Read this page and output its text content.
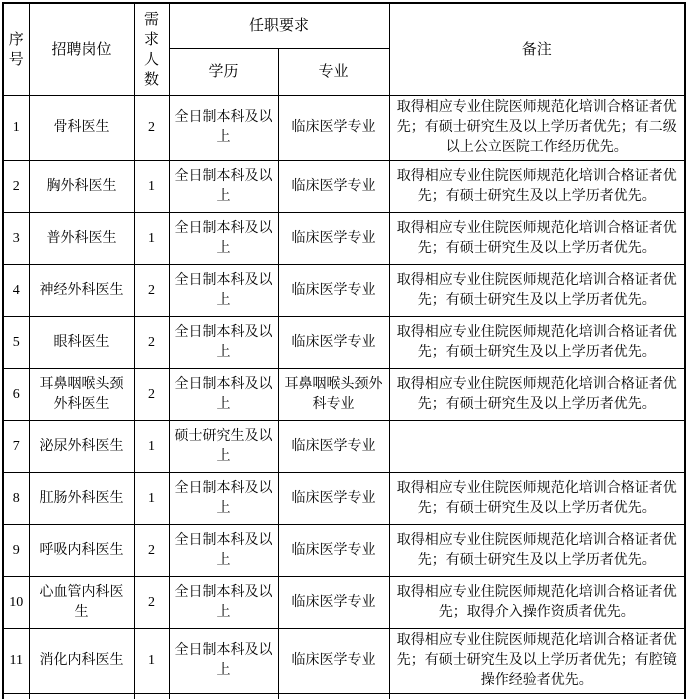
序号	招聘岗位	需求人数	任职要求		备注
			学历	专业	
1	骨科医生	2	全日制本科及以上	临床医学专业	取得相应专业住院医师规范化培训合格证者优先；有硕士研究生及以上学历者优先；有二级以上公立医院工作经历优先。
2	胸外科医生	1	全日制本科及以上	临床医学专业	取得相应专业住院医师规范化培训合格证者优先；有硕士研究生及以上学历者优先。
3	普外科医生	1	全日制本科及以上	临床医学专业	取得相应专业住院医师规范化培训合格证者优先；有硕士研究生及以上学历者优先。
4	神经外科医生	2	全日制本科及以上	临床医学专业	取得相应专业住院医师规范化培训合格证者优先；有硕士研究生及以上学历者优先。
5	眼科医生	2	全日制本科及以上	临床医学专业	取得相应专业住院医师规范化培训合格证者优先；有硕士研究生及以上学历者优先。
6	耳鼻咽喉头颈外科医生	2	全日制本科及以上	耳鼻咽喉头颈外科专业	取得相应专业住院医师规范化培训合格证者优先；有硕士研究生及以上学历者优先。
7	泌尿外科医生	1	硕士研究生及以上	临床医学专业	
8	肛肠外科医生	1	全日制本科及以上	临床医学专业	取得相应专业住院医师规范化培训合格证者优先；有硕士研究生及以上学历者优先。
9	呼吸内科医生	2	全日制本科及以上	临床医学专业	取得相应专业住院医师规范化培训合格证者优先；有硕士研究生及以上学历者优先。
10	心血管内科医生	2	全日制本科及以上	临床医学专业	取得相应专业住院医师规范化培训合格证者优先；取得介入操作资质者优先。
11	消化内科医生	1	全日制本科及以上	临床医学专业	取得相应专业住院医师规范化培训合格证者优先；有硕士研究生及以上学历者优先；有腔镜操作经验者优先。
